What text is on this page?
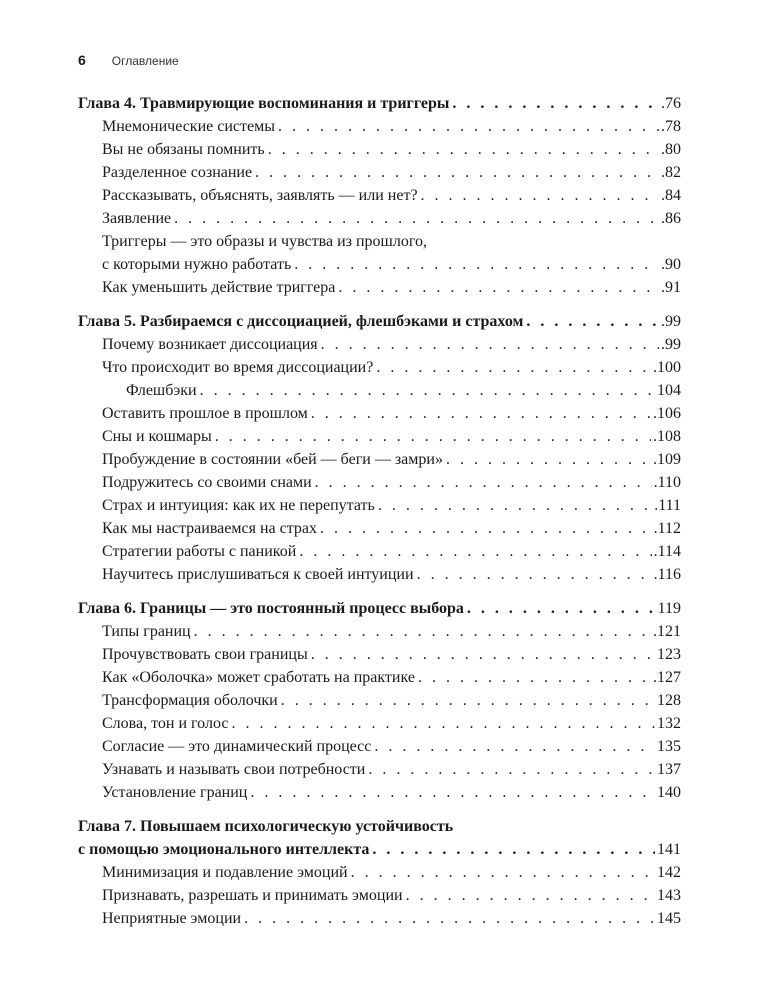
6 Оглавление
Глава 4. Травмирующие воспоминания и триггеры . . .	.76
Мнемонические системы . . .	.78
Вы не обязаны помнить . . .	.80
Разделенное сознание . . .	.82
Рассказывать, объяснять, заявлять — или нет? . . .	.84
Заявление . . .	.86
Триггеры — это образы и чувства из прошлого,
с которыми нужно работать . . .	.90
Как уменьшить действие триггера . . .	.91
Глава 5. Разбираемся с диссоциацией, флешбэками и страхом . . .	.99
Почему возникает диссоциация . . .	.99
Что происходит во время диссоциации? . . .	.100
Флешбэки . . .	104
Оставить прошлое в прошлом . . .	.106
Сны и кошмары . . .	.108
Пробуждение в состоянии «бей — беги — замри» . . .	.109
Подружитесь со своими снами . . .	.110
Страх и интуиция: как их не перепутать . . .	.111
Как мы настраиваемся на страх . . .	.112
Стратегии работы с паникой . . .	.114
Научитесь прислушиваться к своей интуиции . . .	.116
Глава 6. Границы — это постоянный процесс выбора . . .	119
Типы границ . . .	.121
Прочувствовать свои границы . . .	123
Как «Оболочка» может сработать на практике . . .	.127
Трансформация оболочки . . .	128
Слова, тон и голос . . .	132
Согласие — это динамический процесс . . .	135
Узнавать и называть свои потребности . . .	137
Установление границ . . .	140
Глава 7. Повышаем психологическую устойчивость
с помощью эмоционального интеллекта . . .	141
Минимизация и подавление эмоций . . .	142
Признавать, разрешать и принимать эмоции . . .	143
Неприятные эмоции . . .	145
